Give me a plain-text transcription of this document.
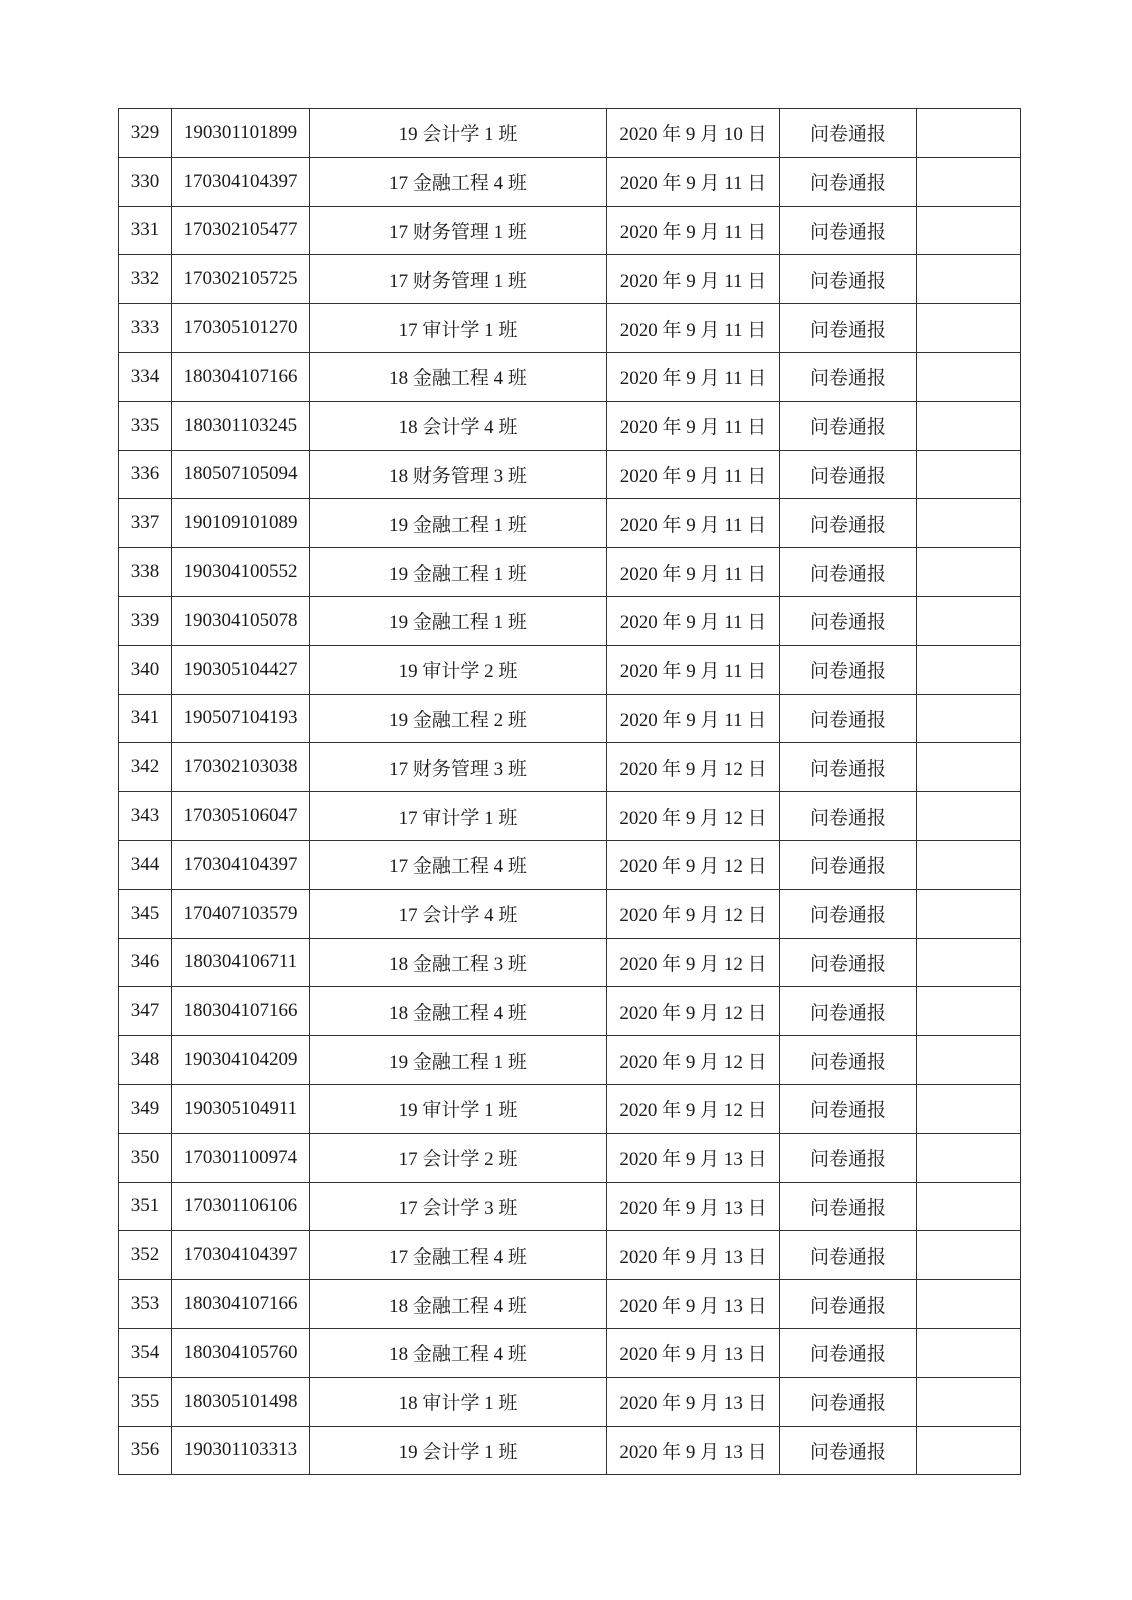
329	190301101899	19 会计学 1 班	2020 年 9 月 10 日	问卷通报	
330	170304104397	17 金融工程 4 班	2020 年 9 月 11 日	问卷通报	
331	170302105477	17 财务管理 1 班	2020 年 9 月 11 日	问卷通报	
332	170302105725	17 财务管理 1 班	2020 年 9 月 11 日	问卷通报	
333	170305101270	17 审计学 1 班	2020 年 9 月 11 日	问卷通报	
334	180304107166	18 金融工程 4 班	2020 年 9 月 11 日	问卷通报	
335	180301103245	18 会计学 4 班	2020 年 9 月 11 日	问卷通报	
336	180507105094	18 财务管理 3 班	2020 年 9 月 11 日	问卷通报	
337	190109101089	19 金融工程 1 班	2020 年 9 月 11 日	问卷通报	
338	190304100552	19 金融工程 1 班	2020 年 9 月 11 日	问卷通报	
339	190304105078	19 金融工程 1 班	2020 年 9 月 11 日	问卷通报	
340	190305104427	19 审计学 2 班	2020 年 9 月 11 日	问卷通报	
341	190507104193	19 金融工程 2 班	2020 年 9 月 11 日	问卷通报	
342	170302103038	17 财务管理 3 班	2020 年 9 月 12 日	问卷通报	
343	170305106047	17 审计学 1 班	2020 年 9 月 12 日	问卷通报	
344	170304104397	17 金融工程 4 班	2020 年 9 月 12 日	问卷通报	
345	170407103579	17 会计学 4 班	2020 年 9 月 12 日	问卷通报	
346	180304106711	18 金融工程 3 班	2020 年 9 月 12 日	问卷通报	
347	180304107166	18 金融工程 4 班	2020 年 9 月 12 日	问卷通报	
348	190304104209	19 金融工程 1 班	2020 年 9 月 12 日	问卷通报	
349	190305104911	19 审计学 1 班	2020 年 9 月 12 日	问卷通报	
350	170301100974	17 会计学 2 班	2020 年 9 月 13 日	问卷通报	
351	170301106106	17 会计学 3 班	2020 年 9 月 13 日	问卷通报	
352	170304104397	17 金融工程 4 班	2020 年 9 月 13 日	问卷通报	
353	180304107166	18 金融工程 4 班	2020 年 9 月 13 日	问卷通报	
354	180304105760	18 金融工程 4 班	2020 年 9 月 13 日	问卷通报	
355	180305101498	18 审计学 1 班	2020 年 9 月 13 日	问卷通报	
356	190301103313	19 会计学 1 班	2020 年 9 月 13 日	问卷通报	
